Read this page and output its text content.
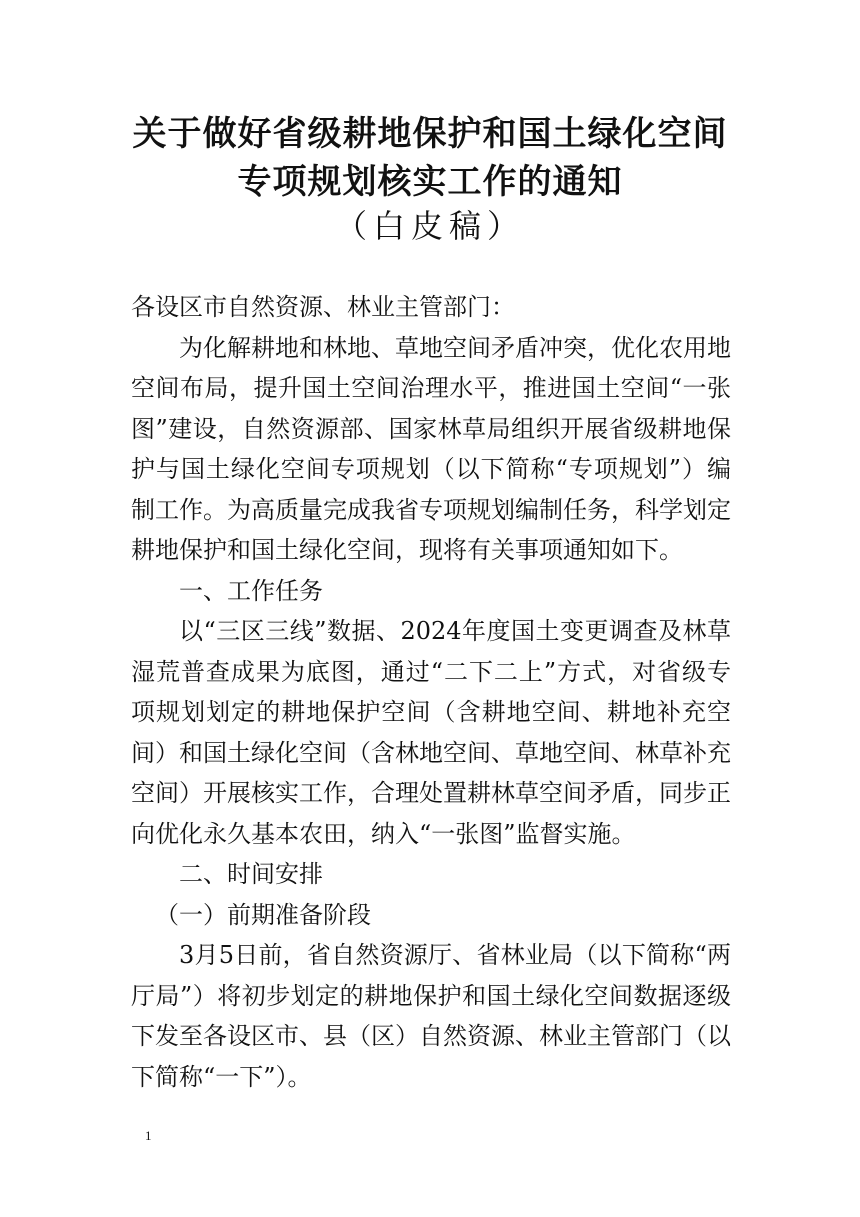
关于做好省级耕地保护和国土绿化空间
专项规划核实工作的通知

（白皮稿）

各设区市自然资源、林业主管部门：

为化解耕地和林地、草地空间矛盾冲突，优化农用地空间布局，提升国土空间治理水平，推进国土空间“一张图”建设，自然资源部、国家林草局组织开展省级耕地保护与国土绿化空间专项规划（以下简称“专项规划”）编制工作。为高质量完成我省专项规划编制任务，科学划定耕地保护和国土绿化空间，现将有关事项通知如下。

一、工作任务

以“三区三线”数据、2024年度国土变更调查及林草湿荒普查成果为底图，通过“二下二上”方式，对省级专项规划划定的耕地保护空间（含耕地空间、耕地补充空间）和国土绿化空间（含林地空间、草地空间、林草补充空间）开展核实工作，合理处置耕林草空间矛盾，同步正向优化永久基本农田，纳入“一张图”监督实施。

二、时间安排

（一）前期准备阶段

3月5日前，省自然资源厅、省林业局（以下简称“两厅局”）将初步划定的耕地保护和国土绿化空间数据逐级下发至各设区市、县（区）自然资源、林业主管部门（以下简称“一下”）。

1
